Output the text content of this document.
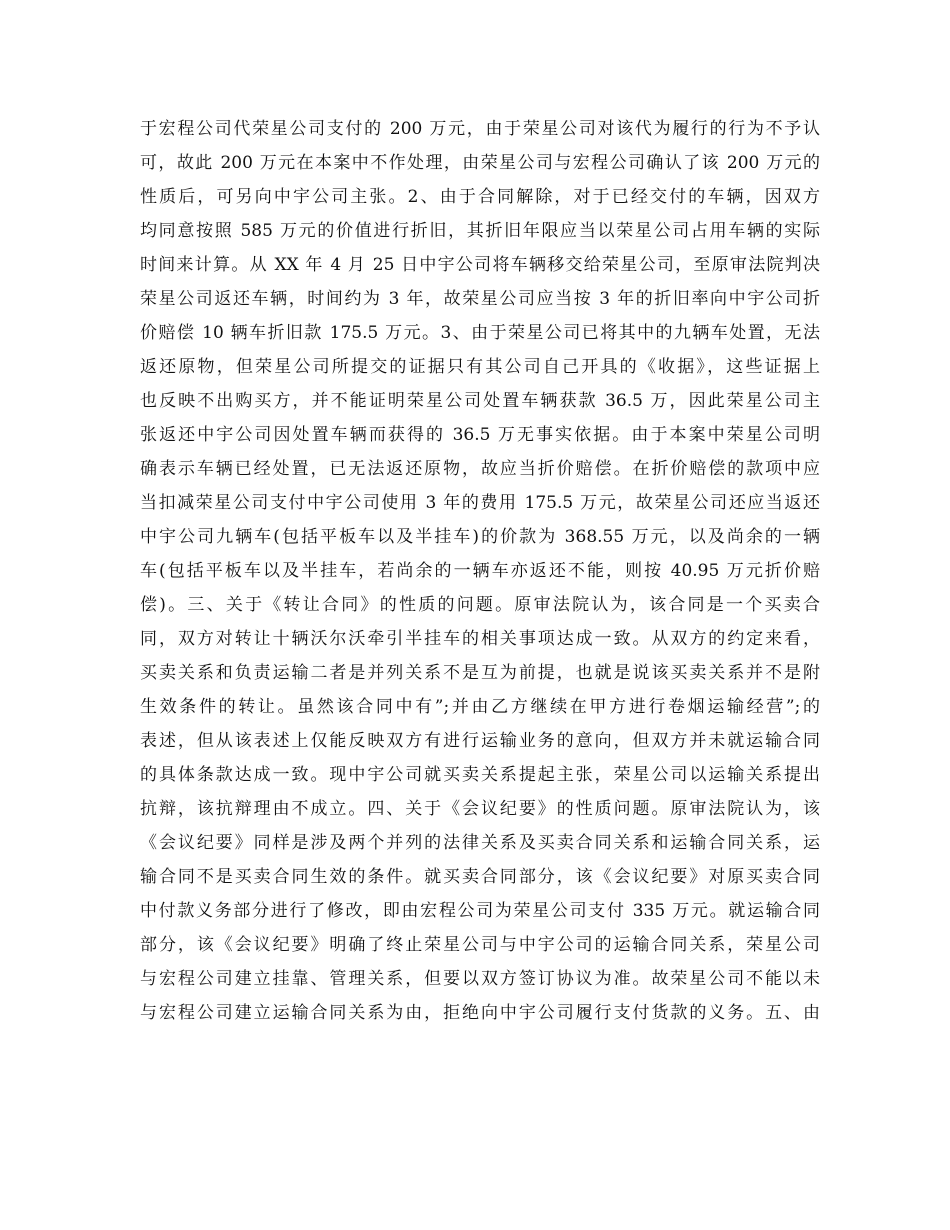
于宏程公司代荣星公司支付的 200 万元，由于荣星公司对该代为履行的行为不予认
可，故此 200 万元在本案中不作处理，由荣星公司与宏程公司确认了该 200 万元的
性质后，可另向中宇公司主张。2、由于合同解除，对于已经交付的车辆，因双方
均同意按照 585 万元的价值进行折旧，其折旧年限应当以荣星公司占用车辆的实际
时间来计算。从 XX 年 4 月 25 日中宇公司将车辆移交给荣星公司，至原审法院判决
荣星公司返还车辆，时间约为 3 年，故荣星公司应当按 3 年的折旧率向中宇公司折
价赔偿 10 辆车折旧款 175.5 万元。3、由于荣星公司已将其中的九辆车处置，无法
返还原物，但荣星公司所提交的证据只有其公司自己开具的《收据》，这些证据上
也反映不出购买方，并不能证明荣星公司处置车辆获款 36.5 万，因此荣星公司主
张返还中宇公司因处置车辆而获得的 36.5 万无事实依据。由于本案中荣星公司明
确表示车辆已经处置，已无法返还原物，故应当折价赔偿。在折价赔偿的款项中应
当扣减荣星公司支付中宇公司使用 3 年的费用 175.5 万元，故荣星公司还应当返还
中宇公司九辆车(包括平板车以及半挂车)的价款为 368.55 万元，以及尚余的一辆
车(包括平板车以及半挂车，若尚余的一辆车亦返还不能，则按 40.95 万元折价赔
偿)。三、关于《转让合同》的性质的问题。原审法院认为，该合同是一个买卖合
同，双方对转让十辆沃尔沃牵引半挂车的相关事项达成一致。从双方的约定来看，
买卖关系和负责运输二者是并列关系不是互为前提，也就是说该买卖关系并不是附
生效条件的转让。虽然该合同中有”;并由乙方继续在甲方进行卷烟运输经营”;的
表述，但从该表述上仅能反映双方有进行运输业务的意向，但双方并未就运输合同
的具体条款达成一致。现中宇公司就买卖关系提起主张，荣星公司以运输关系提出
抗辩，该抗辩理由不成立。四、关于《会议纪要》的性质问题。原审法院认为，该
《会议纪要》同样是涉及两个并列的法律关系及买卖合同关系和运输合同关系，运
输合同不是买卖合同生效的条件。就买卖合同部分，该《会议纪要》对原买卖合同
中付款义务部分进行了修改，即由宏程公司为荣星公司支付 335 万元。就运输合同
部分，该《会议纪要》明确了终止荣星公司与中宇公司的运输合同关系，荣星公司
与宏程公司建立挂靠、管理关系，但要以双方签订协议为准。故荣星公司不能以未
与宏程公司建立运输合同关系为由，拒绝向中宇公司履行支付货款的义务。五、由
